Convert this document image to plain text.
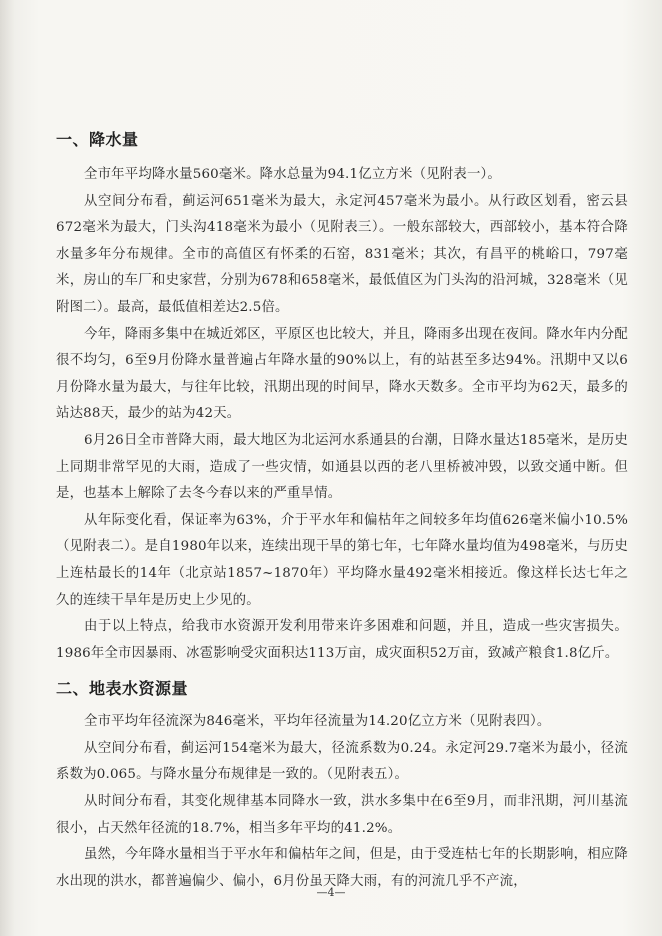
一、降水量

全市年平均降水量560毫米。降水总量为94.1亿立方米（见附表一）。

从空间分布看，蓟运河651毫米为最大，永定河457毫米为最小。从行政区划看，密云县672毫米为最大，门头沟418毫米为最小（见附表三）。一般东部较大，西部较小，基本符合降水量多年分布规律。全市的高值区有怀柔的石窑，831毫米；其次，有昌平的桃峪口，797毫米，房山的车厂和史家营，分别为678和658毫米，最低值区为门头沟的沿河城，328毫米（见附图二）。最高，最低值相差达2.5倍。

今年，降雨多集中在城近郊区，平原区也比较大，并且，降雨多出现在夜间。降水年内分配很不均匀，6至9月份降水量普遍占年降水量的90%以上，有的站甚至多达94%。汛期中又以6月份降水量为最大，与往年比较，汛期出现的时间早，降水天数多。全市平均为62天，最多的站达88天，最少的站为42天。

6月26日全市普降大雨，最大地区为北运河水系通县的台潮，日降水量达185毫米，是历史上同期非常罕见的大雨，造成了一些灾情，如通县以西的老八里桥被冲毁，以致交通中断。但是，也基本上解除了去冬今春以来的严重旱情。

从年际变化看，保证率为63%，介于平水年和偏枯年之间较多年均值626毫米偏小10.5%（见附表二）。是自1980年以来，连续出现干旱的第七年，七年降水量均值为498毫米，与历史上连枯最长的14年（北京站1857~1870年）平均降水量492毫米相接近。像这样长达七年之久的连续干旱年是历史上少见的。

由于以上特点，给我市水资源开发利用带来许多困难和问题，并且，造成一些灾害损失。1986年全市因暴雨、冰雹影响受灾面积达113万亩，成灾面积52万亩，致减产粮食1.8亿斤。

二、地表水资源量

全市平均年径流深为846毫米，平均年径流量为14.20亿立方米（见附表四）。

从空间分布看，蓟运河154毫米为最大，径流系数为0.24。永定河29.7毫米为最小，径流系数为0.065。与降水量分布规律是一致的。（见附表五）。

从时间分布看，其变化规律基本同降水一致，洪水多集中在6至9月，而非汛期，河川基流很小，占天然年径流的18.7%，相当多年平均的41.2%。

虽然，今年降水量相当于平水年和偏枯年之间，但是，由于受连枯七年的长期影响，相应降水出现的洪水，都普遍偏少、偏小，6月份虽天降大雨，有的河流几乎不产流，

—4—
